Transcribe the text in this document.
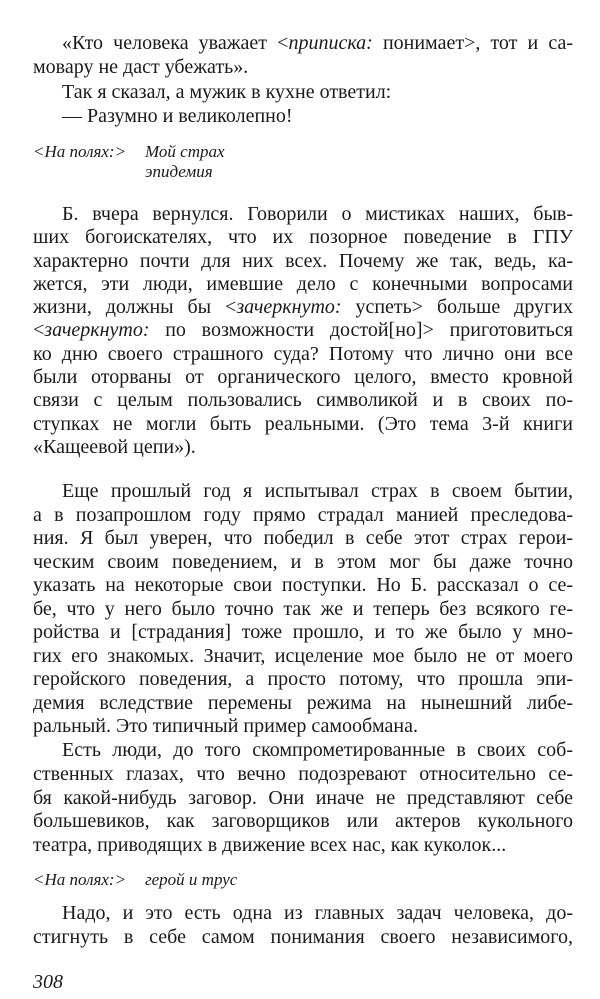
«Кто человека уважает <приписка: понимает>, тот и са-
мовару не даст убежать».
Так я сказал, а мужик в кухне ответил:
— Разумно и великолепно!
<На полях:> Мой страх
эпидемия
Б. вчера вернулся. Говорили о мистиках наших, быв-
ших богоискателях, что их позорное поведение в ГПУ
характерно почти для них всех. Почему же так, ведь, ка-
жется, эти люди, имевшие дело с конечными вопросами
жизни, должны бы <зачеркнуто: успеть> больше других
<зачеркнуто: по возможности достой[но]> приготовиться
ко дню своего страшного суда? Потому что лично они все
были оторваны от органического целого, вместо кровной
связи с целым пользовались символикой и в своих по-
ступках не могли быть реальными. (Это тема 3-й книги
«Кащеевой цепи»).
Еще прошлый год я испытывал страх в своем бытии,
а в позапрошлом году прямо страдал манией преследова-
ния. Я был уверен, что победил в себе этот страх герои-
ческим своим поведением, и в этом мог бы даже точно
указать на некоторые свои поступки. Но Б. рассказал о се-
бе, что у него было точно так же и теперь без всякого ге-
ройства и [страдания] тоже прошло, и то же было у мно-
гих его знакомых. Значит, исцеление мое было не от моего
геройского поведения, а просто потому, что прошла эпи-
демия вследствие перемены режима на нынешний либе-
ральный. Это типичный пример самообмана.
Есть люди, до того скомпрометированные в своих соб-
ственных глазах, что вечно подозревают относительно се-
бя какой-нибудь заговор. Они иначе не представляют себе
большевиков, как заговорщиков или актеров кукольного
театра, приводящих в движение всех нас, как куколок...
<На полях:> герой и трус
Надо, и это есть одна из главных задач человека, до-
стигнуть в себе самом понимания своего независимого,
308
